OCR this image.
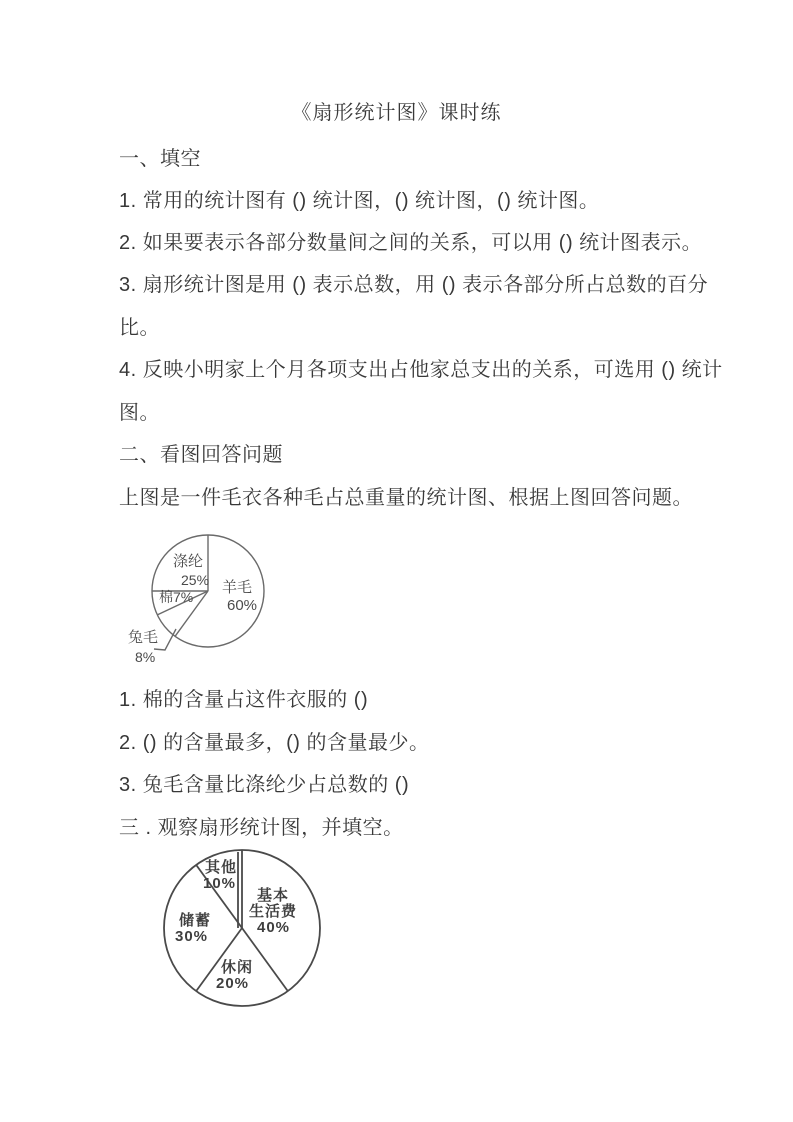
《扇形统计图》课时练
一、填空
1. 常用的统计图有 () 统计图，() 统计图，() 统计图。
2. 如果要表示各部分数量间之间的关系，可以用 () 统计图表示。
3. 扇形统计图是用 () 表示总数，用 () 表示各部分所占总数的百分
比。
4. 反映小明家上个月各项支出占他家总支出的关系，可选用 () 统计
图。
二、看图回答问题
上图是一件毛衣各种毛占总重量的统计图、根据上图回答问题。
涤纶
25% 羊毛
60%
棉7%
兔毛
8%
1. 棉的含量占这件衣服的 ()
2. () 的含量最多，() 的含量最少。
3. 兔毛含量比涤纶少占总数的 ()
三 . 观察扇形统计图，并填空。
其他
10%
基本
生活费
40%
储蓄
30%
休闲
20%
